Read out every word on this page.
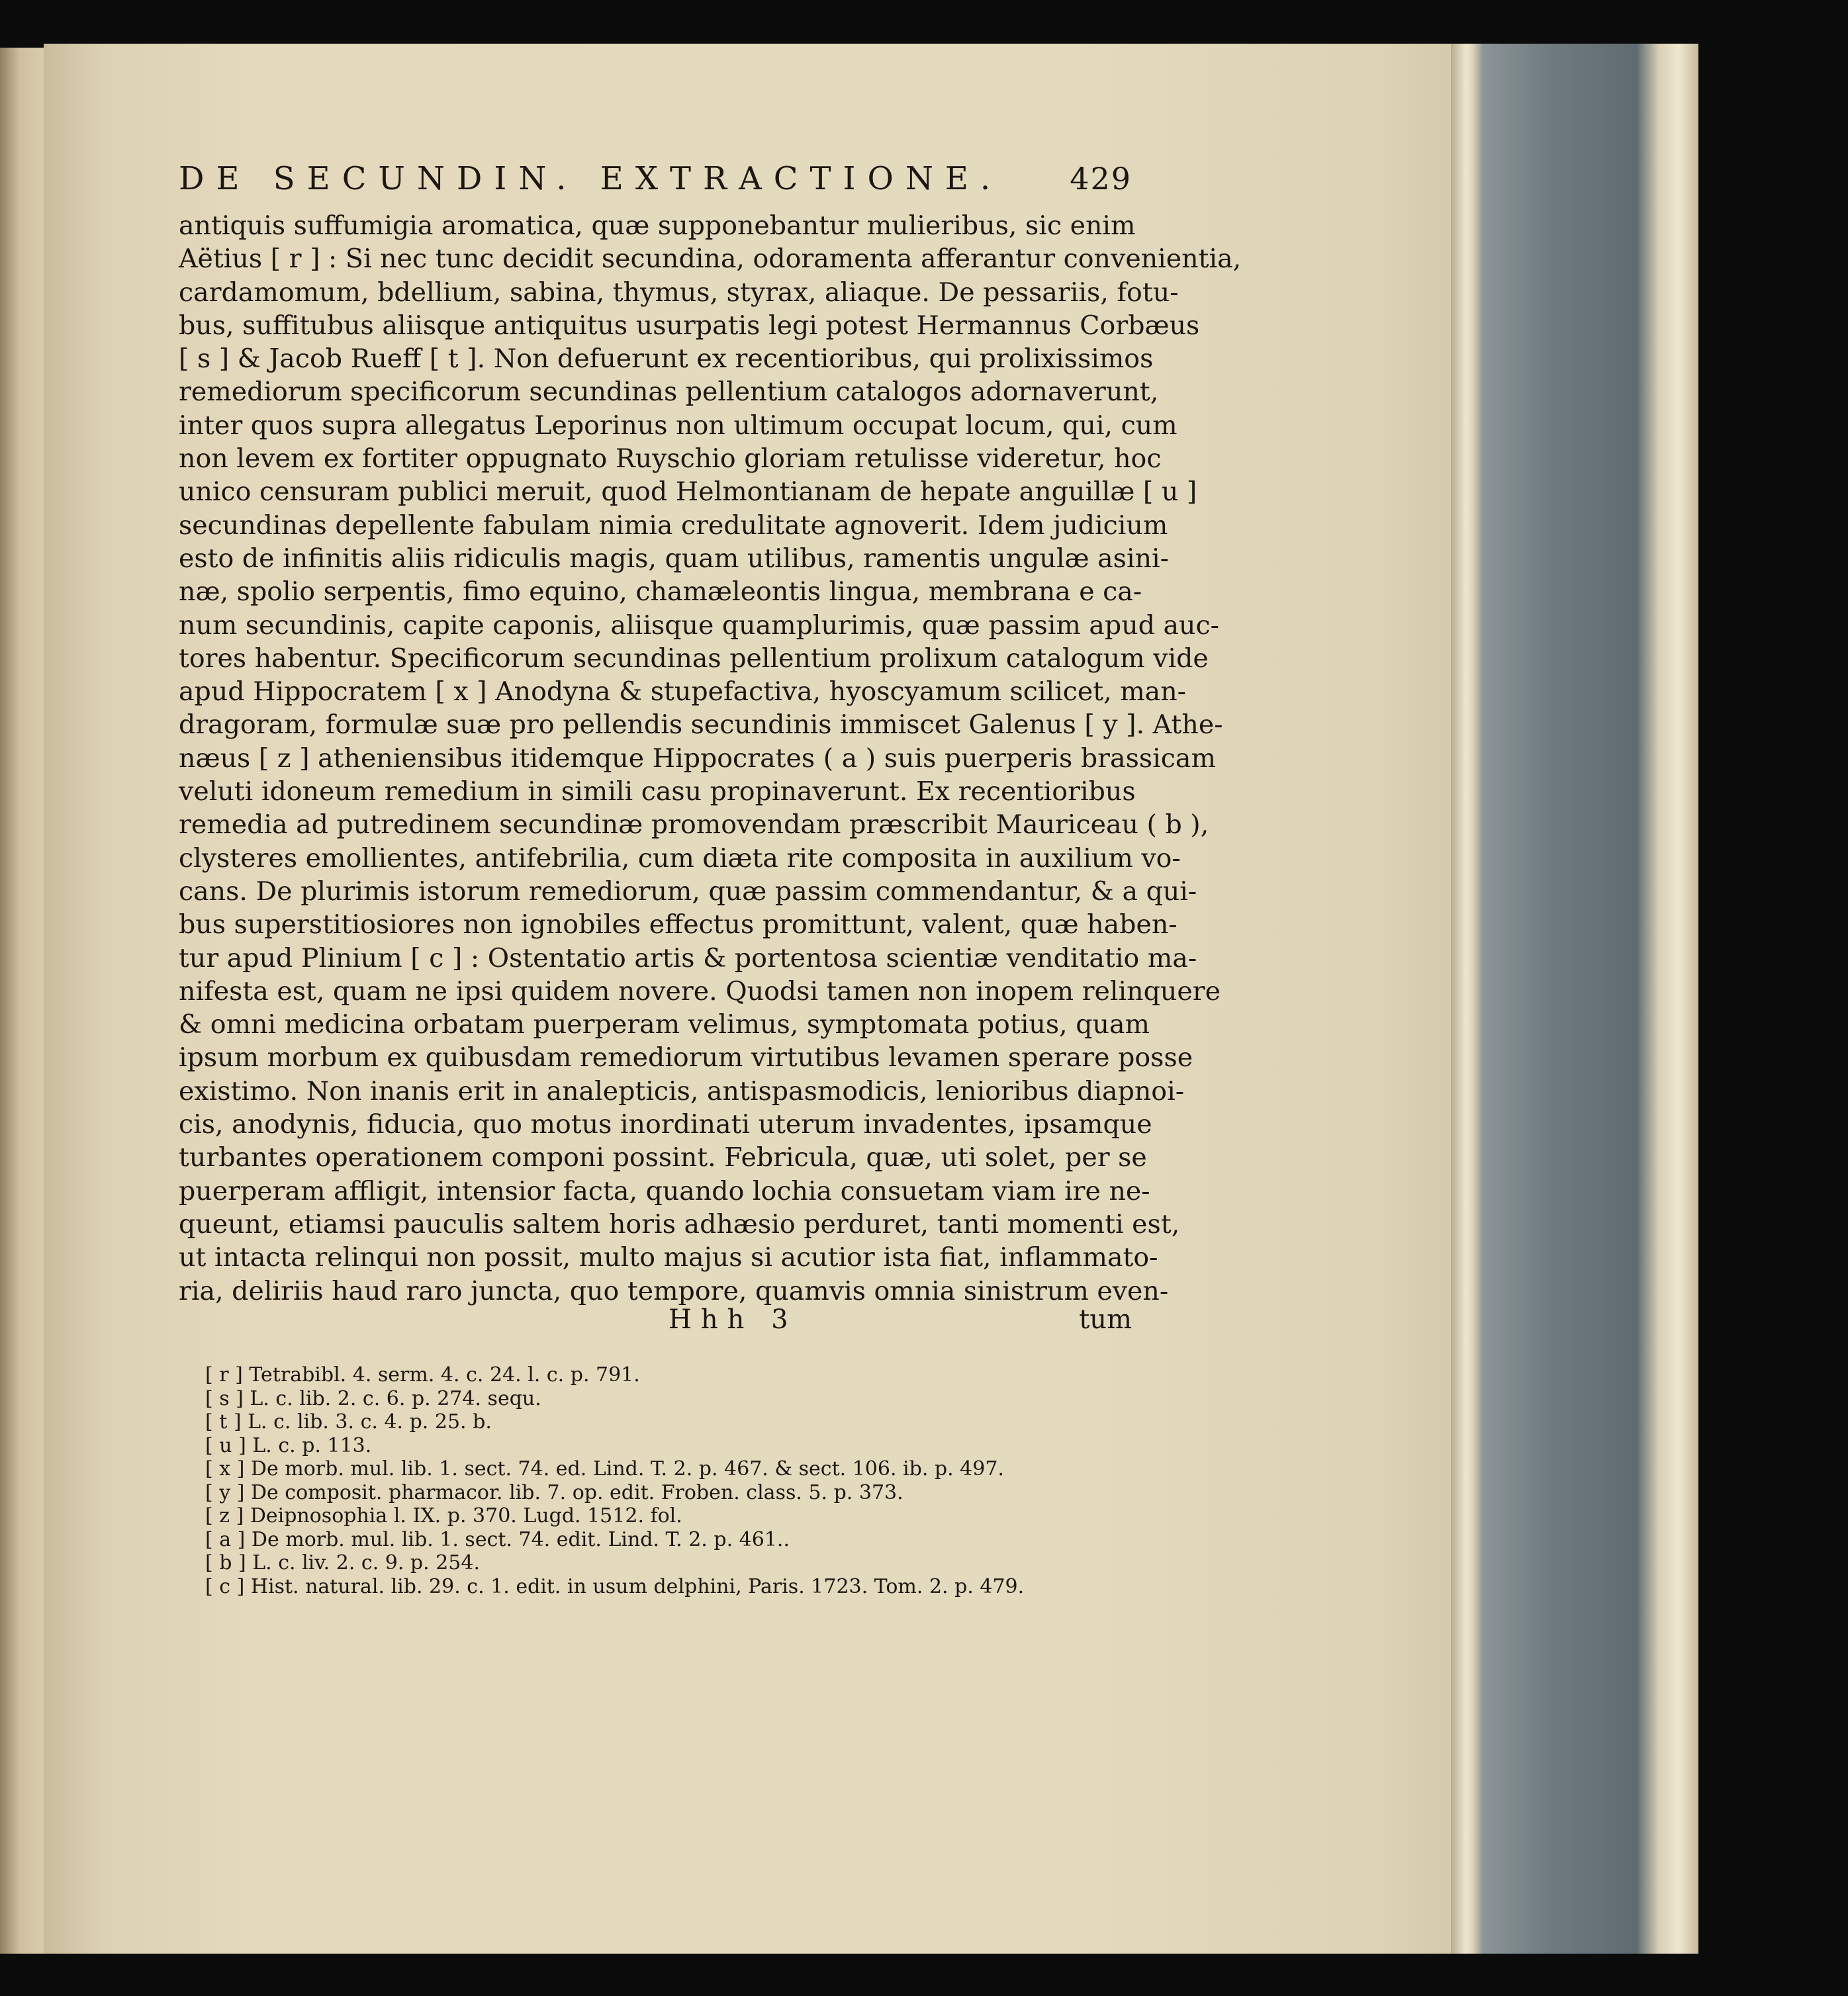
DE SECUNDIN. EXTRACTIONE. 429
antiquis suffumigia aromatica, quæ supponebantur mulieribus, sic enim
Aëtius [ r ] : Si nec tunc decidit secundina, odoramenta afferantur convenientia,
cardamomum, bdellium, sabina, thymus, styrax, aliaque. De pessariis, fotu-
bus, suffitubus aliisque antiquitus usurpatis legi potest Hermannus Corbæus
[ s ] & Jacob Rueff [ t ]. Non defuerunt ex recentioribus, qui prolixissimos
remediorum specificorum secundinas pellentium catalogos adornaverunt,
inter quos supra allegatus Leporinus non ultimum occupat locum, qui, cum
non levem ex fortiter oppugnato Ruyschio gloriam retulisse videretur, hoc
unico censuram publici meruit, quod Helmontianam de hepate anguillæ [ u ]
secundinas depellente fabulam nimia credulitate agnoverit. Idem judicium
esto de infinitis aliis ridiculis magis, quam utilibus, ramentis ungulæ asini-
næ, spolio serpentis, fimo equino, chamæleontis lingua, membrana e ca-
num secundinis, capite caponis, aliisque quamplurimis, quæ passim apud auc-
tores habentur. Specificorum secundinas pellentium prolixum catalogum vide
apud Hippocratem [ x ] Anodyna & stupefactiva, hyoscyamum scilicet, man-
dragoram, formulæ suæ pro pellendis secundinis immiscet Galenus [ y ]. Athe-
næus [ z ] atheniensibus itidemque Hippocrates ( a ) suis puerperis brassicam
veluti idoneum remedium in simili casu propinaverunt. Ex recentioribus
remedia ad putredinem secundinæ promovendam præscribit Mauriceau ( b ),
clysteres emollientes, antifebrilia, cum diæta rite composita in auxilium vo-
cans. De plurimis istorum remediorum, quæ passim commendantur, & a qui-
bus superstitiosiores non ignobiles effectus promittunt, valent, quæ haben-
tur apud Plinium [ c ] : Ostentatio artis & portentosa scientiæ venditatio ma-
nifesta est, quam ne ipsi quidem novere. Quodsi tamen non inopem relinquere
& omni medicina orbatam puerperam velimus, symptomata potius, quam
ipsum morbum ex quibusdam remediorum virtutibus levamen sperare posse
existimo. Non inanis erit in analepticis, antispasmodicis, lenioribus diapnoi-
cis, anodynis, fiducia, quo motus inordinati uterum invadentes, ipsamque
turbantes operationem componi possint. Febricula, quæ, uti solet, per se
puerperam affligit, intensior facta, quando lochia consuetam viam ire ne-
queunt, etiamsi pauculis saltem horis adhæsio perduret, tanti momenti est,
ut intacta relinqui non possit, multo majus si acutior ista fiat, inflammato-
ria, deliriis haud raro juncta, quo tempore, quamvis omnia sinistrum even-
Hhh 3	tum
[ r ] Tetrabibl. 4. serm. 4. c. 24. l. c. p. 791.
[ s ] L. c. lib. 2. c. 6. p. 274. sequ.
[ t ] L. c. lib. 3. c. 4. p. 25. b.
[ u ] L. c. p. 113.
[ x ] De morb. mul. lib. 1. sect. 74. ed. Lind. T. 2. p. 467. & sect. 106. ib. p. 497.
[ y ] De composit. pharmacor. lib. 7. op. edit. Froben. class. 5. p. 373.
[ z ] Deipnosophia l. IX. p. 370. Lugd. 1512. fol.
[ a ] De morb. mul. lib. 1. sect. 74. edit. Lind. T. 2. p. 461..
[ b ] L. c. liv. 2. c. 9. p. 254.
[ c ] Hist. natural. lib. 29. c. 1. edit. in usum delphini, Paris. 1723. Tom. 2. p. 479.
